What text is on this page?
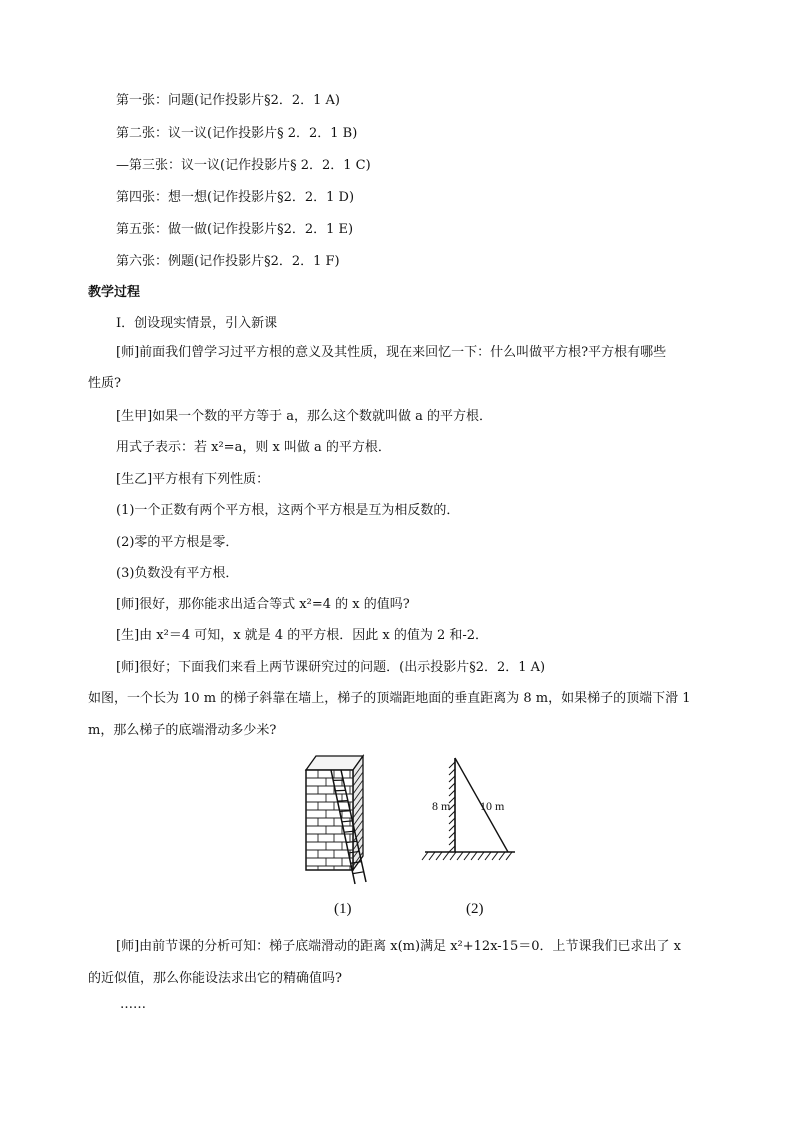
第一张：问题(记作投影片§2．2．1 A)
第二张：议一议(记作投影片§ 2．2．1 B)
—第三张：议一议(记作投影片§ 2．2．1 C)
第四张：想一想(记作投影片§2．2．1 D)
第五张：做一做(记作投影片§2．2．1 E)
第六张：例题(记作投影片§2．2．1 F)
教学过程
Ⅰ．创设现实情景，引入新课
[师]前面我们曾学习过平方根的意义及其性质，现在来回忆一下：什么叫做平方根?平方根有哪些
性质?
[生甲]如果一个数的平方等于 a，那么这个数就叫做 a 的平方根．
用式子表示：若 x²=a，则 x 叫做 a 的平方根．
[生乙]平方根有下列性质：
(1)一个正数有两个平方根，这两个平方根是互为相反数的．
(2)零的平方根是零．
(3)负数没有平方根．
[师]很好，那你能求出适合等式 x²=4 的 x 的值吗?
[生]由 x²＝4 可知，x 就是 4 的平方根．因此 x 的值为 2 和-2．
[师]很好；下面我们来看上两节课研究过的问题．(出示投影片§2．2．1 A)
如图，一个长为 10 m 的梯子斜靠在墙上，梯子的顶端距地面的垂直距离为 8 m，如果梯子的顶端下滑 1
m，那么梯子的底端滑动多少米?
8 m 10 m
(1)	(2)
[师]由前节课的分析可知：梯子底端滑动的距离 x(m)满足 x²+12x-15＝0．上节课我们已求出了 x
的近似值，那么你能设法求出它的精确值吗?
……
